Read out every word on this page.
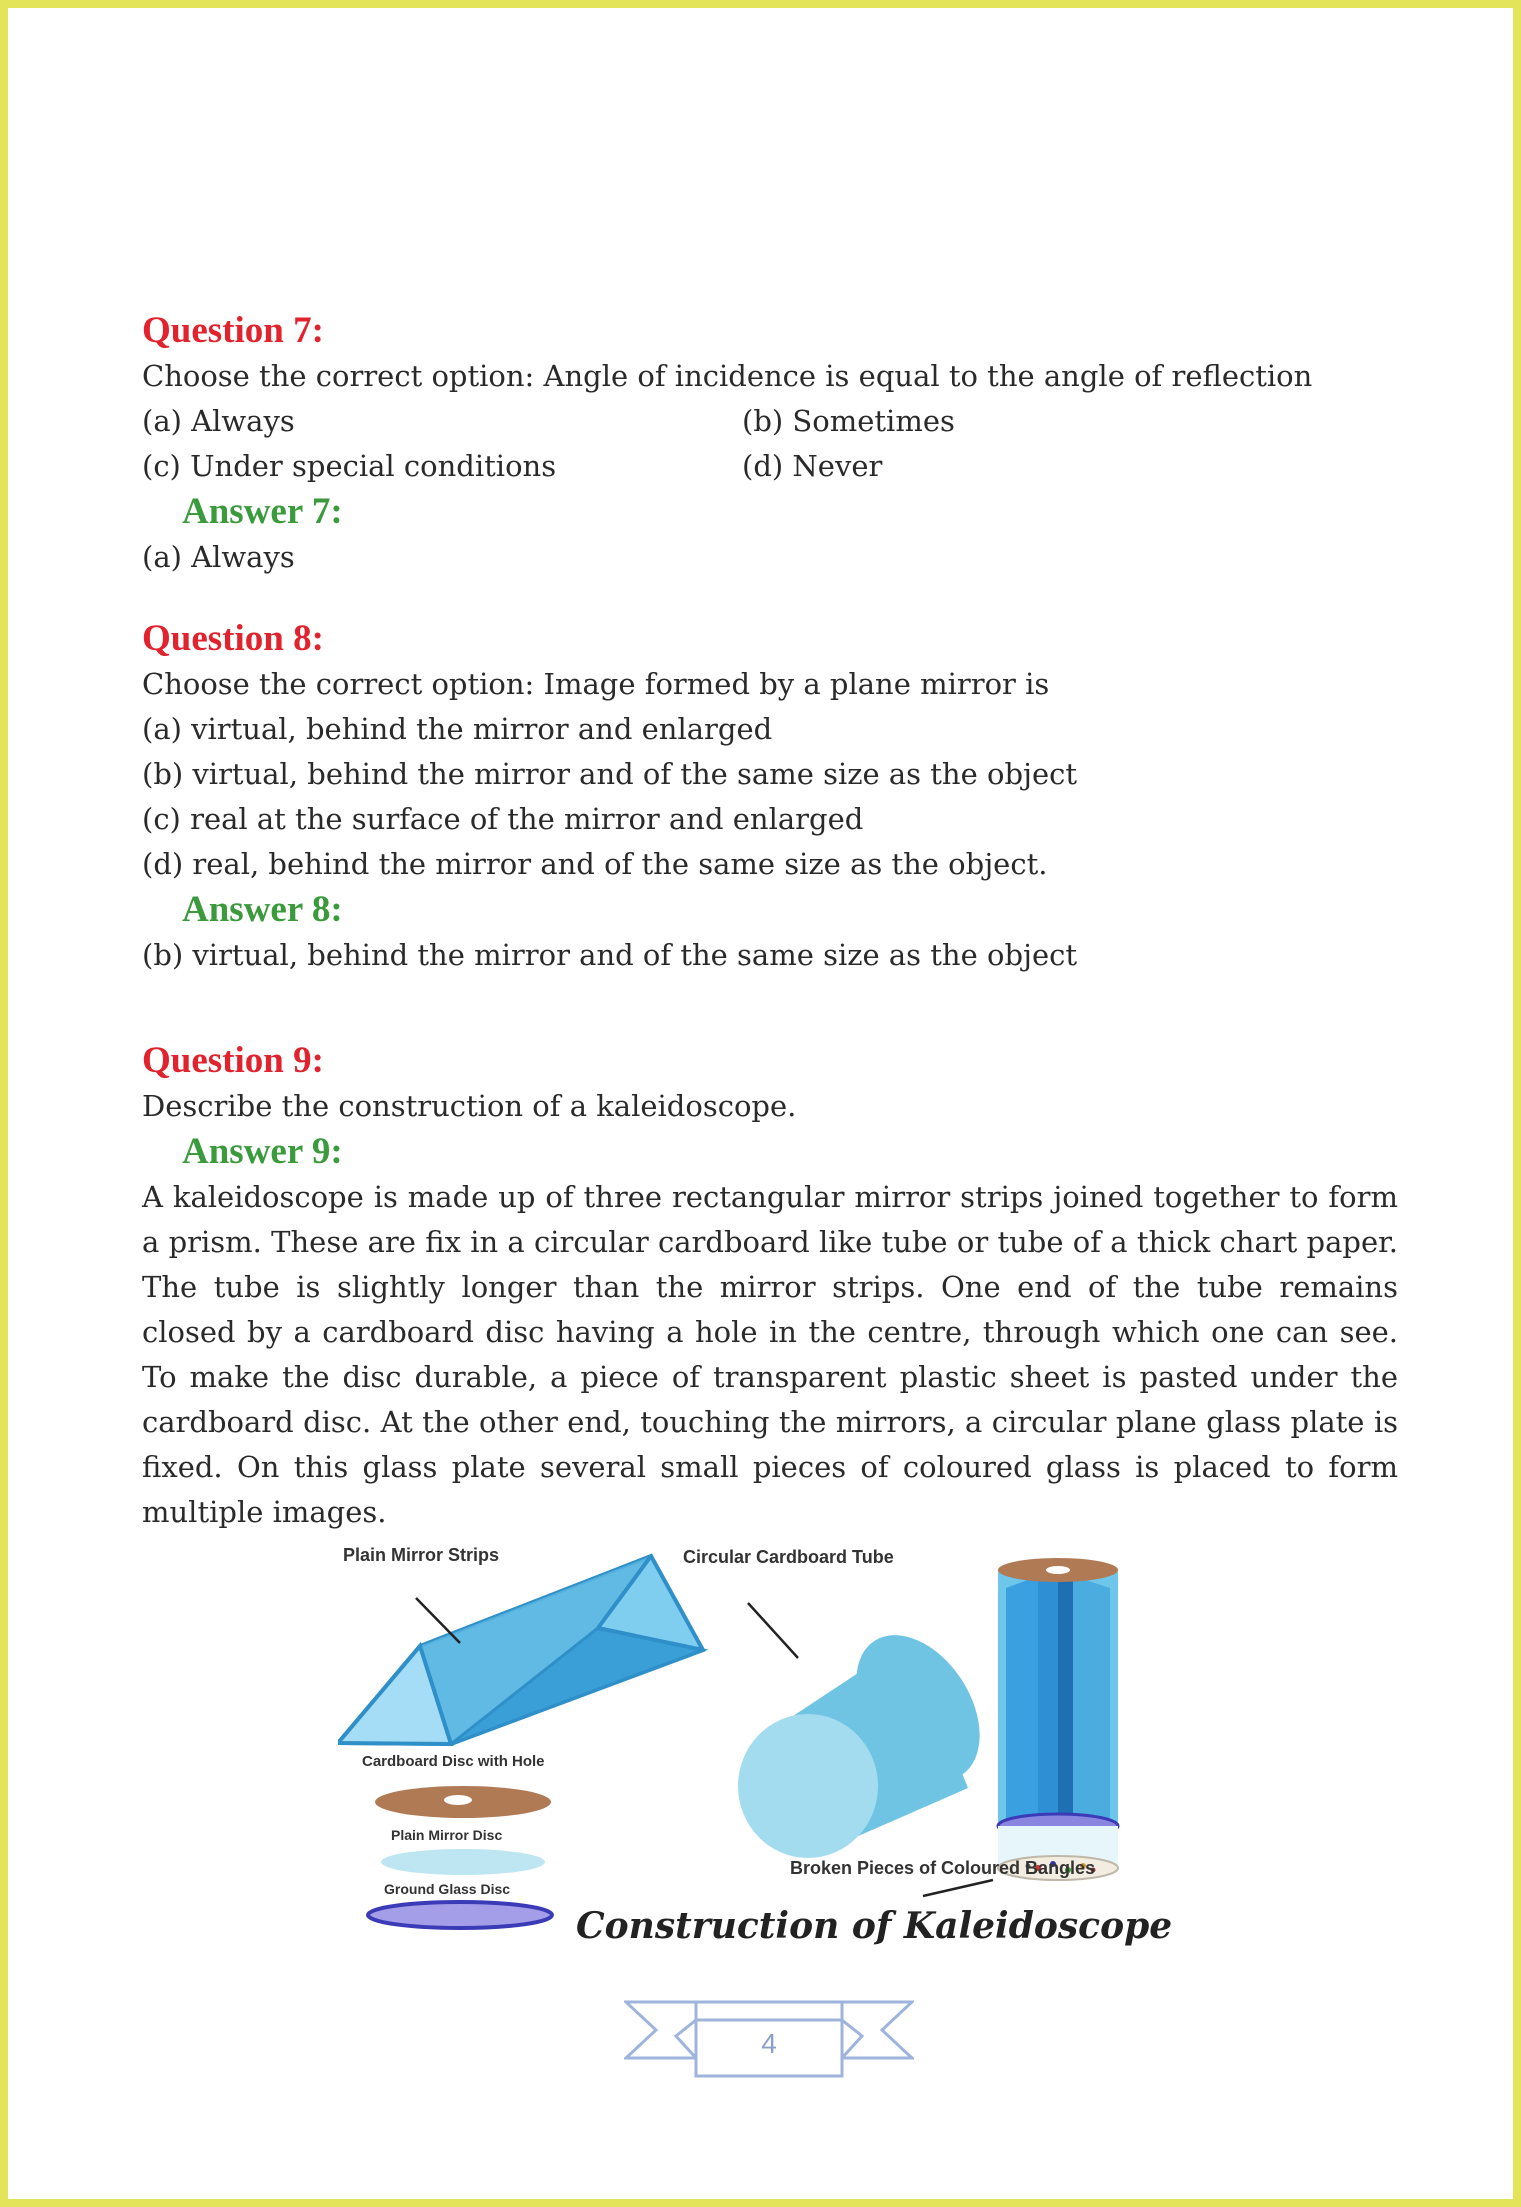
Question 7:

Choose the correct option: Angle of incidence is equal to the angle of reflection

(a) Always	(b) Sometimes

(c) Under special conditions	(d) Never

Answer 7:

(a) Always

Question 8:

Choose the correct option: Image formed by a plane mirror is

(a) virtual, behind the mirror and enlarged

(b) virtual, behind the mirror and of the same size as the object

(c) real at the surface of the mirror and enlarged

(d) real, behind the mirror and of the same size as the object.

Answer 8:

(b) virtual, behind the mirror and of the same size as the object

Question 9:

Describe the construction of a kaleidoscope.

Answer 9:

A kaleidoscope is made up of three rectangular mirror strips joined together to form a prism. These are fix in a circular cardboard like tube or tube of a thick chart paper. The tube is slightly longer than the mirror strips. One end of the tube remains closed by a cardboard disc having a hole in the centre, through which one can see. To make the disc durable, a piece of transparent plastic sheet is pasted under the cardboard disc. At the other end, touching the mirrors, a circular plane glass plate is fixed. On this glass plate several small pieces of coloured glass is placed to form multiple images.

Plain Mirror Strips	Circular Cardboard Tube
Cardboard Disc with Hole
Plain Mirror Disc
Ground Glass Disc
Broken Pieces of Coloured Bangles
Construction of Kaleidoscope
4
